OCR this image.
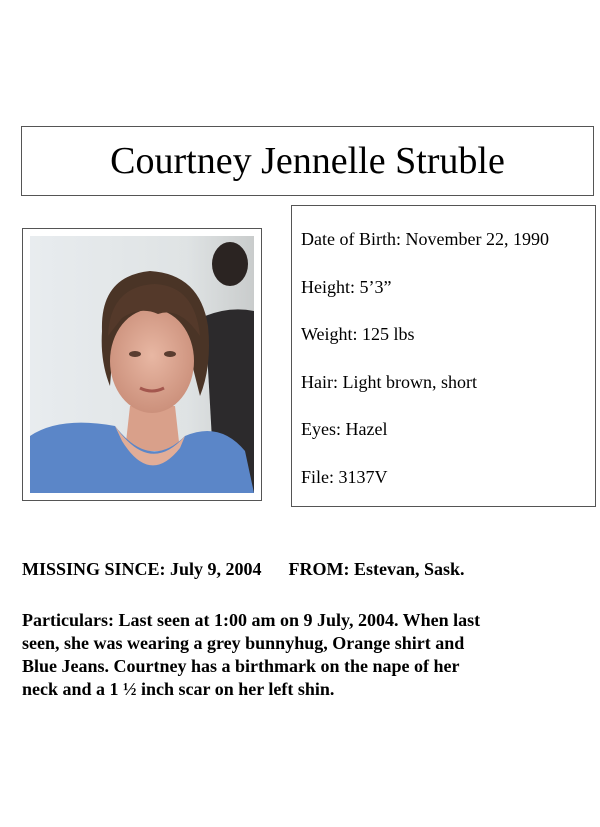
Courtney Jennelle Struble
Date of Birth: November 22, 1990
Height: 5’3”
Weight: 125 lbs
Hair: Light brown, short
Eyes: Hazel
File: 3137V
MISSING SINCE: July 9, 2004 FROM: Estevan, Sask.
Particulars: Last seen at 1:00 am on 9 July, 2004. When last
seen, she was wearing a grey bunnyhug, Orange shirt and
Blue Jeans. Courtney has a birthmark on the nape of her
neck and a 1 ½ inch scar on her left shin.
